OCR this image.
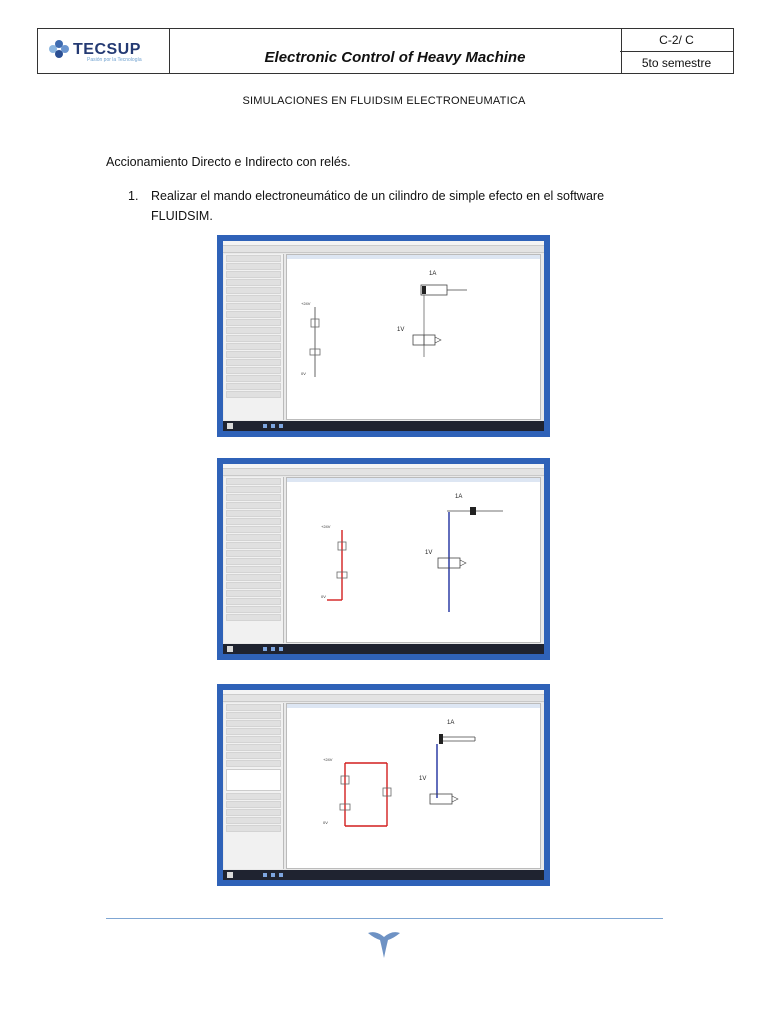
TECSUP
Pasión por la Tecnología	Electronic Control of Heavy Machine
C-2/ C
5to semestre
SIMULACIONES EN FLUIDSIM ELECTRONEUMATICA
Accionamiento Directo e Indirecto con relés.
1. Realizar el mando electroneumático de un cilindro de simple efecto en el software FLUIDSIM.
+24V
0V
1A
1V
+24V
0V
1A
1V
+24V
0V
1A
1V
